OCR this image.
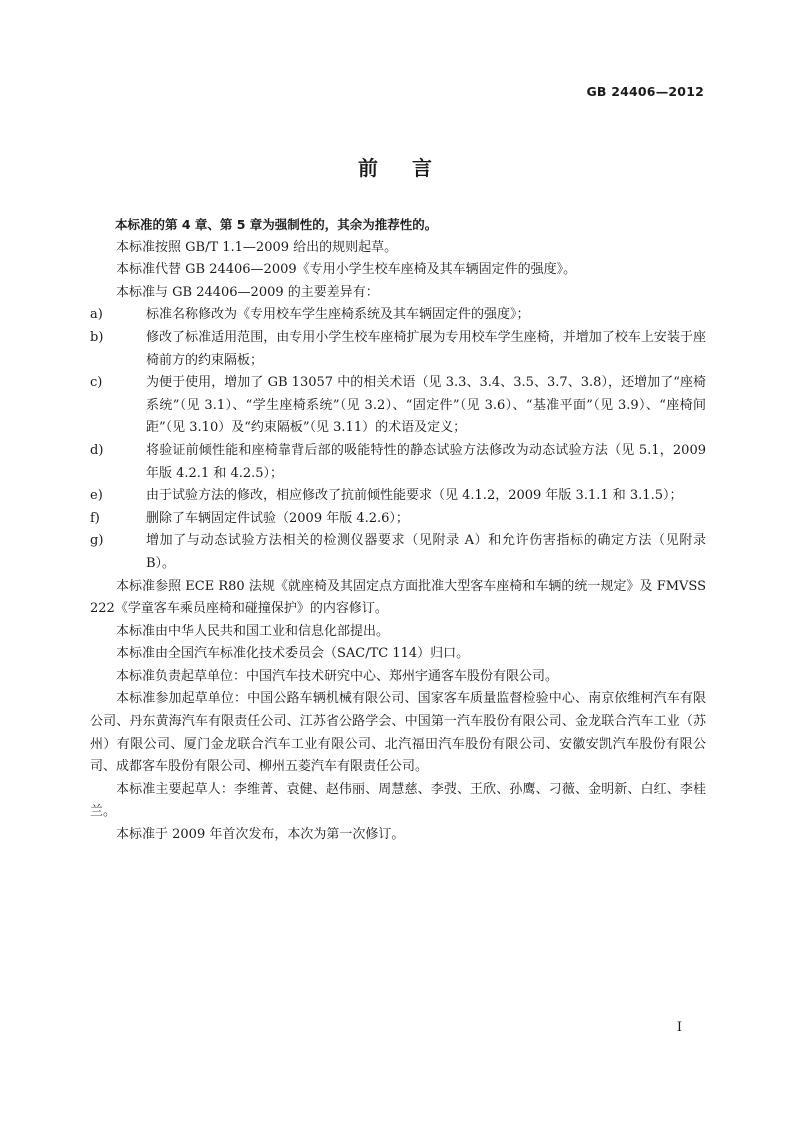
GB 24406—2012
前言

本标准的第 4 章、第 5 章为强制性的，其余为推荐性的。

本标准按照 GB/T 1.1—2009 给出的规则起草。

本标准代替 GB 24406—2009《专用小学生校车座椅及其车辆固定件的强度》。

本标准与 GB 24406—2009 的主要差异有：

a)	标准名称修改为《专用校车学生座椅系统及其车辆固定件的强度》；
b)	修改了标准适用范围，由专用小学生校车座椅扩展为专用校车学生座椅，并增加了校车上安装于座椅前方的约束隔板；
c)	为便于使用，增加了 GB 13057 中的相关术语（见 3.3、3.4、3.5、3.7、3.8），还增加了“座椅系统”（见 3.1）、“学生座椅系统”（见 3.2）、“固定件”（见 3.6）、“基准平面”（见 3.9）、“座椅间距”（见 3.10）及“约束隔板”（见 3.11）的术语及定义；
d)	将验证前倾性能和座椅靠背后部的吸能特性的静态试验方法修改为动态试验方法（见 5.1，2009 年版 4.2.1 和 4.2.5）；
e)	由于试验方法的修改，相应修改了抗前倾性能要求（见 4.1.2，2009 年版 3.1.1 和 3.1.5）；
f)	删除了车辆固定件试验（2009 年版 4.2.6）；
g)	增加了与动态试验方法相关的检测仪器要求（见附录 A）和允许伤害指标的确定方法（见附录 B）。

本标准参照 ECE R80 法规《就座椅及其固定点方面批准大型客车座椅和车辆的统一规定》及 FMVSS 222《学童客车乘员座椅和碰撞保护》的内容修订。

本标准由中华人民共和国工业和信息化部提出。

本标准由全国汽车标准化技术委员会（SAC/TC 114）归口。

本标准负责起草单位：中国汽车技术研究中心、郑州宇通客车股份有限公司。

本标准参加起草单位：中国公路车辆机械有限公司、国家客车质量监督检验中心、南京依维柯汽车有限公司、丹东黄海汽车有限责任公司、江苏省公路学会、中国第一汽车股份有限公司、金龙联合汽车工业（苏州）有限公司、厦门金龙联合汽车工业有限公司、北汽福田汽车股份有限公司、安徽安凯汽车股份有限公司、成都客车股份有限公司、柳州五菱汽车有限责任公司。

本标准主要起草人：李维菁、袁健、赵伟丽、周慧慈、李弢、王欣、孙鹰、刁薇、金明新、白红、李桂兰。

本标准于 2009 年首次发布，本次为第一次修订。

I
